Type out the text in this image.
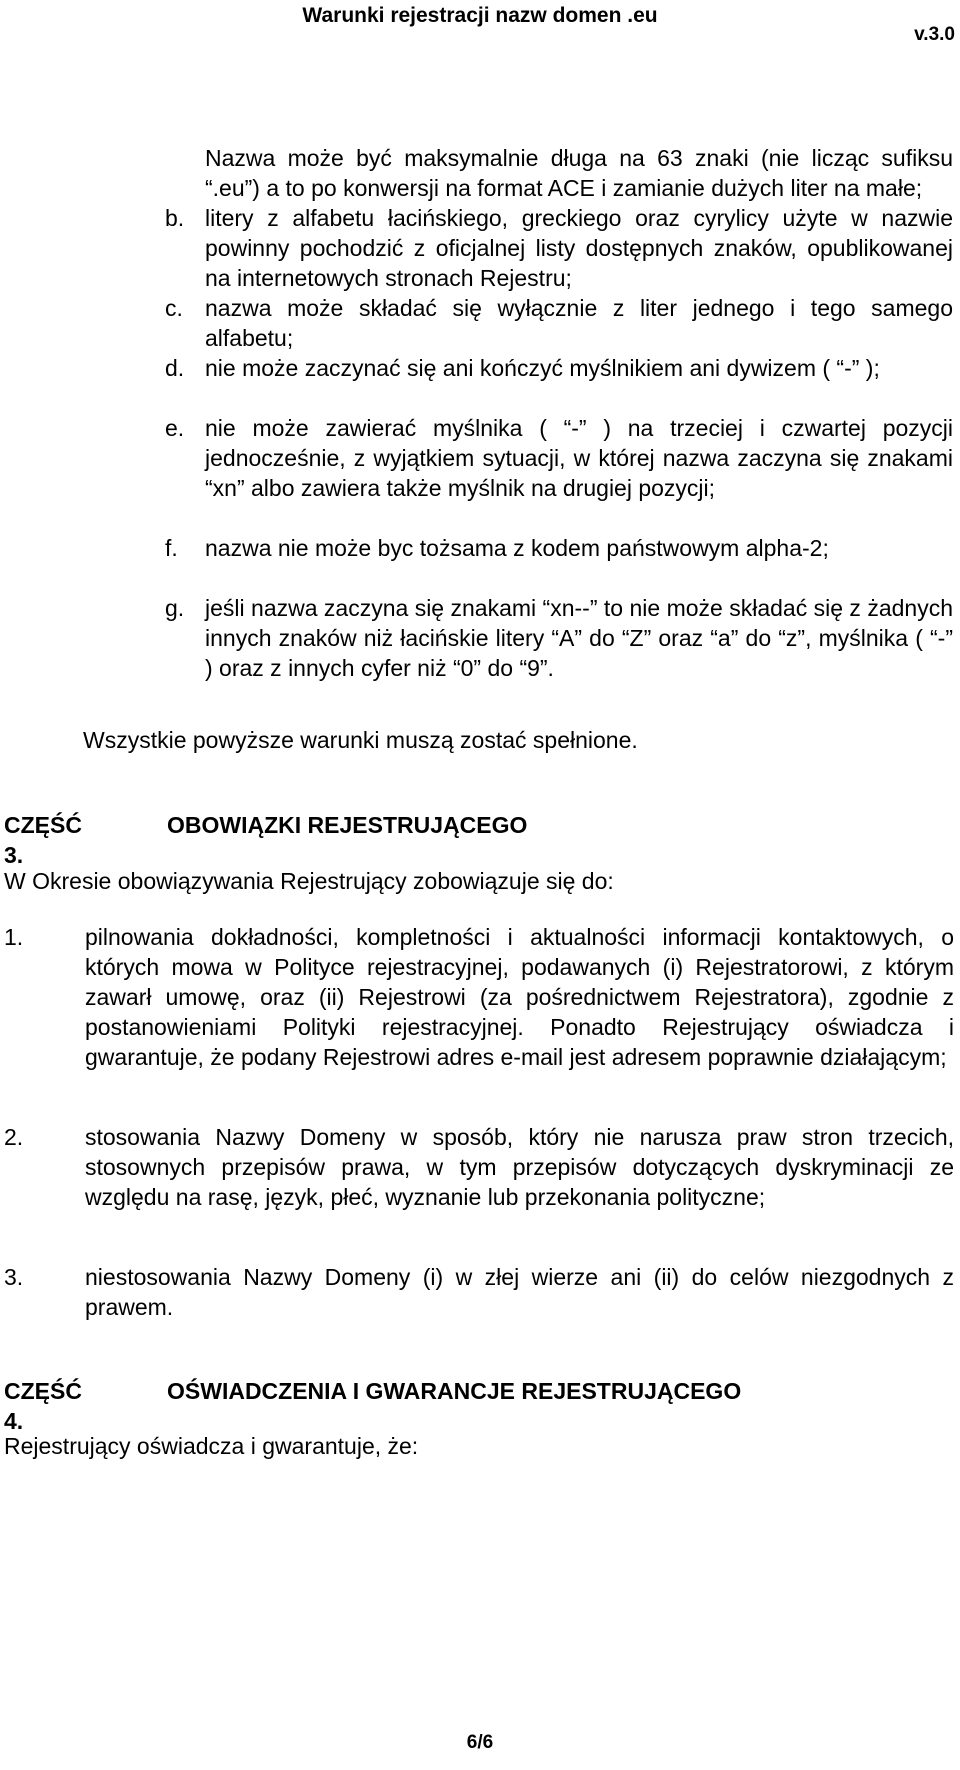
Warunki rejestracji nazw domen .eu
v.3.0
Nazwa może być maksymalnie długa na 63 znaki (nie licząc sufiksu “.eu”) a to po konwersji na format ACE i zamianie dużych liter na małe;
b. litery z alfabetu łacińskiego, greckiego oraz cyrylicy użyte w nazwie powinny pochodzić z oficjalnej listy dostępnych znaków, opublikowanej na internetowych stronach Rejestru;
c. nazwa może składać się wyłącznie z liter jednego i tego samego alfabetu;
d. nie może zaczynać się ani kończyć myślnikiem ani dywizem ( “-” );
e. nie może zawierać myślnika ( “-” ) na trzeciej i czwartej pozycji jednocześnie, z wyjątkiem sytuacji, w której nazwa zaczyna się znakami “xn” albo zawiera także myślnik na drugiej pozycji;
f.	nazwa nie może byc tożsama z kodem państwowym alpha-2;
g. jeśli nazwa zaczyna się znakami “xn--” to nie może składać się z żadnych innych znaków niż łacińskie litery “A” do “Z” oraz “a” do “z”, myślnika ( “-” ) oraz z innych cyfer niż “0” do “9”.
Wszystkie powyższe warunki muszą zostać spełnione.
CZĘŚĆ 3.
OBOWIĄZKI REJESTRUJĄCEGO
W Okresie obowiązywania Rejestrujący zobowiązuje się do:
1.	pilnowania dokładności, kompletności i aktualności informacji kontaktowych, o których mowa w Polityce rejestracyjnej, podawanych (i) Rejestratorowi, z którym zawarł umowę, oraz (ii) Rejestrowi (za pośrednictwem Rejestratora), zgodnie z postanowieniami Polityki rejestracyjnej. Ponadto Rejestrujący oświadcza i gwarantuje, że podany Rejestrowi adres e-mail jest adresem poprawnie działającym;
2.	stosowania Nazwy Domeny w sposób, który nie narusza praw stron trzecich, stosownych przepisów prawa, w tym przepisów dotyczących dyskryminacji ze względu na rasę, język, płeć, wyznanie lub przekonania polityczne;
3.	niestosowania Nazwy Domeny (i) w złej wierze ani (ii) do celów niezgodnych z prawem.
CZĘŚĆ 4.
OŚWIADCZENIA I GWARANCJE REJESTRUJĄCEGO
Rejestrujący oświadcza i gwarantuje, że:
6/6
